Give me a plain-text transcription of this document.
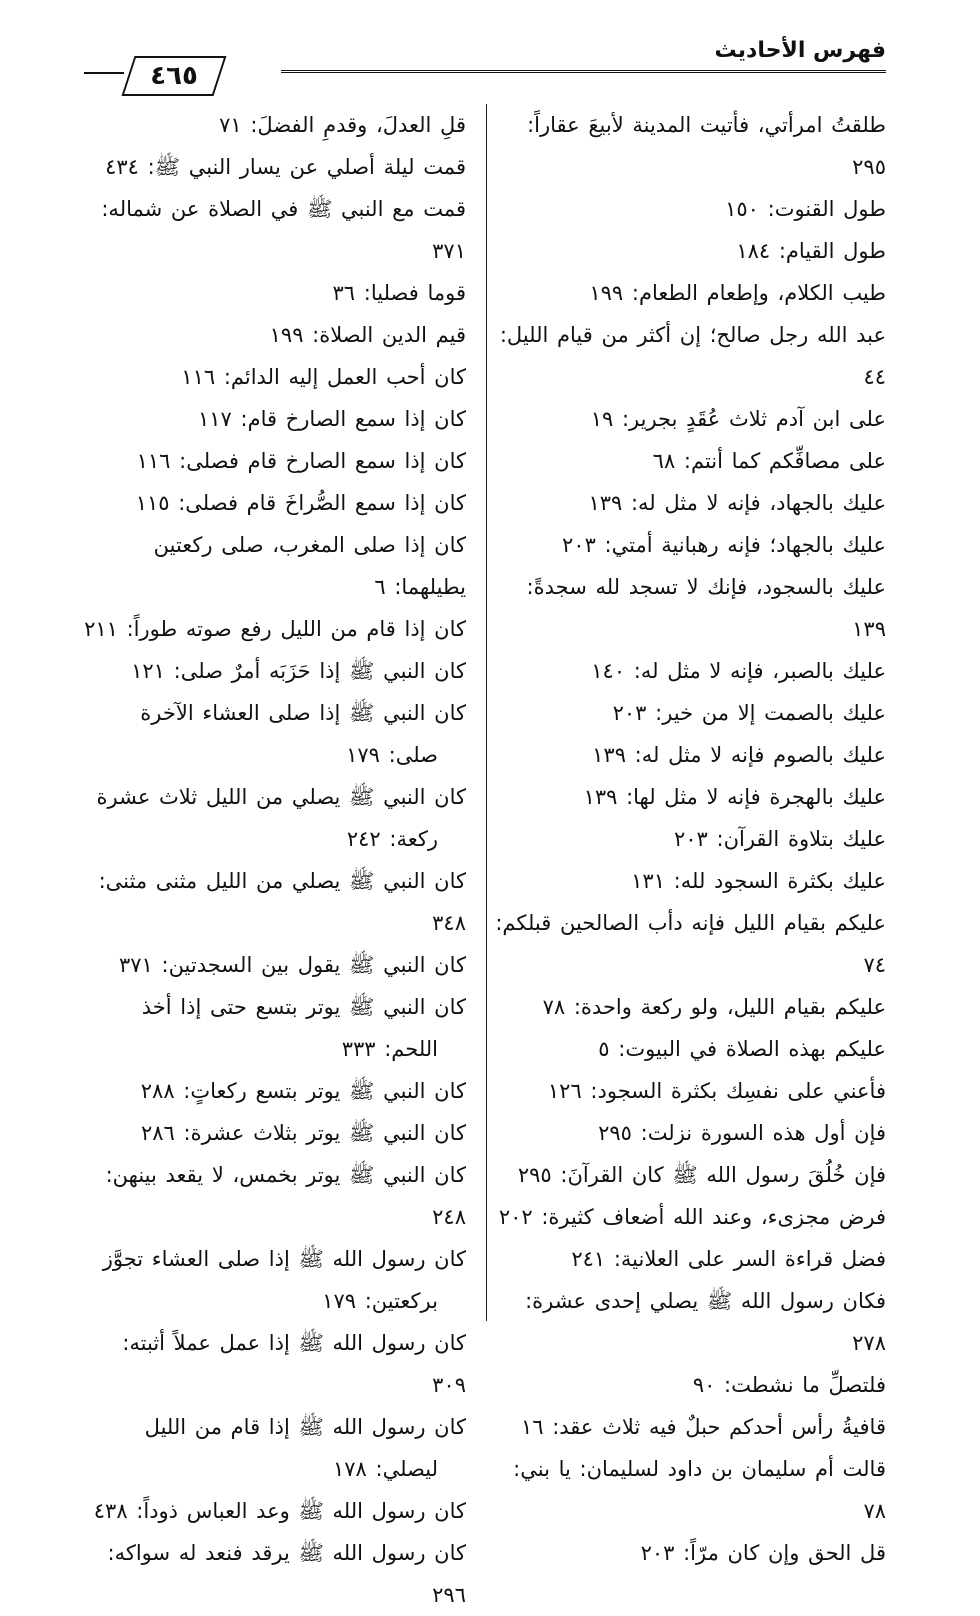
فهرس الأحاديث
٤٦٥
طلقتُ امرأتي، فأتيت المدينة لأبيعَ عقاراً: ٢٩٥
طول القنوت: ١٥٠
طول القيام: ١٨٤
طيب الكلام، وإطعام الطعام: ١٩٩
عبد الله رجل صالح؛ إن أكثر من قيام الليل: ٤٤
على ابن آدم ثلاث عُقَدٍ بجرير: ١٩
على مصافِّكم كما أنتم: ٦٨
عليك بالجهاد، فإنه لا مثل له: ١٣٩
عليك بالجهاد؛ فإنه رهبانية أمتي: ٢٠٣
عليك بالسجود، فإنك لا تسجد لله سجدةً: ١٣٩
عليك بالصبر، فإنه لا مثل له: ١٤٠
عليك بالصمت إلا من خير: ٢٠٣
عليك بالصوم فإنه لا مثل له: ١٣٩
عليك بالهجرة فإنه لا مثل لها: ١٣٩
عليك بتلاوة القرآن: ٢٠٣
عليك بكثرة السجود لله: ١٣١
عليكم بقيام الليل فإنه دأب الصالحين قبلكم: ٧٤
عليكم بقيام الليل، ولو ركعة واحدة: ٧٨
عليكم بهذه الصلاة في البيوت: ٥
فأعني على نفسِك بكثرة السجود: ١٢٦
فإن أول هذه السورة نزلت: ٢٩٥
فإن خُلُقَ رسول الله ﷺ كان القرآنَ: ٢٩٥
فرض مجزىء، وعند الله أضعاف كثيرة: ٢٠٢
فضل قراءة السر على العلانية: ٢٤١
فكان رسول الله ﷺ يصلي إحدى عشرة: ٢٧٨
فلتصلِّ ما نشطت: ٩٠
قافيةُ رأس أحدكم حبلٌ فيه ثلاث عقد: ١٦
قالت أم سليمان بن داود لسليمان: يا بني: ٧٨
قل الحق وإن كان مرّاً: ٢٠٣
قلِ العدلَ، وقدمِ الفضلَ: ٧١
قمت ليلة أصلي عن يسار النبي ﷺ: ٤٣٤
قمت مع النبي ﷺ في الصلاة عن شماله: ٣٧١
قوما فصليا: ٣٦
قيم الدين الصلاة: ١٩٩
كان أحب العمل إليه الدائم: ١١٦
كان إذا سمع الصارخ قام: ١١٧
كان إذا سمع الصارخ قام فصلى: ١١٦
كان إذا سمع الصُّراخَ قام فصلى: ١١٥
كان إذا صلى المغرب، صلى ركعتين يطيلهما: ٦
كان إذا قام من الليل رفع صوته طوراً: ٢١١
كان النبي ﷺ إذا حَزَبَه أمرٌ صلى: ١٢١
كان النبي ﷺ إذا صلى العشاء الآخرة
صلى: ١٧٩
كان النبي ﷺ يصلي من الليل ثلاث عشرة
ركعة: ٢٤٢
كان النبي ﷺ يصلي من الليل مثنى مثنى: ٣٤٨
كان النبي ﷺ يقول بين السجدتين: ٣٧١
كان النبي ﷺ يوتر بتسع حتى إذا أخذ
اللحم: ٣٣٣
كان النبي ﷺ يوتر بتسع ركعاتٍ: ٢٨٨
كان النبي ﷺ يوتر بثلاث عشرة: ٢٨٦
كان النبي ﷺ يوتر بخمس، لا يقعد بينهن: ٢٤٨
كان رسول الله ﷺ إذا صلى العشاء تجوَّز
بركعتين: ١٧٩
كان رسول الله ﷺ إذا عمل عملاً أثبته: ٣٠٩
كان رسول الله ﷺ إذا قام من الليل
ليصلي: ١٧٨
كان رسول الله ﷺ وعد العباس ذوداً: ٤٣٨
كان رسول الله ﷺ يرقد فنعد له سواكه: ٢٩٦
